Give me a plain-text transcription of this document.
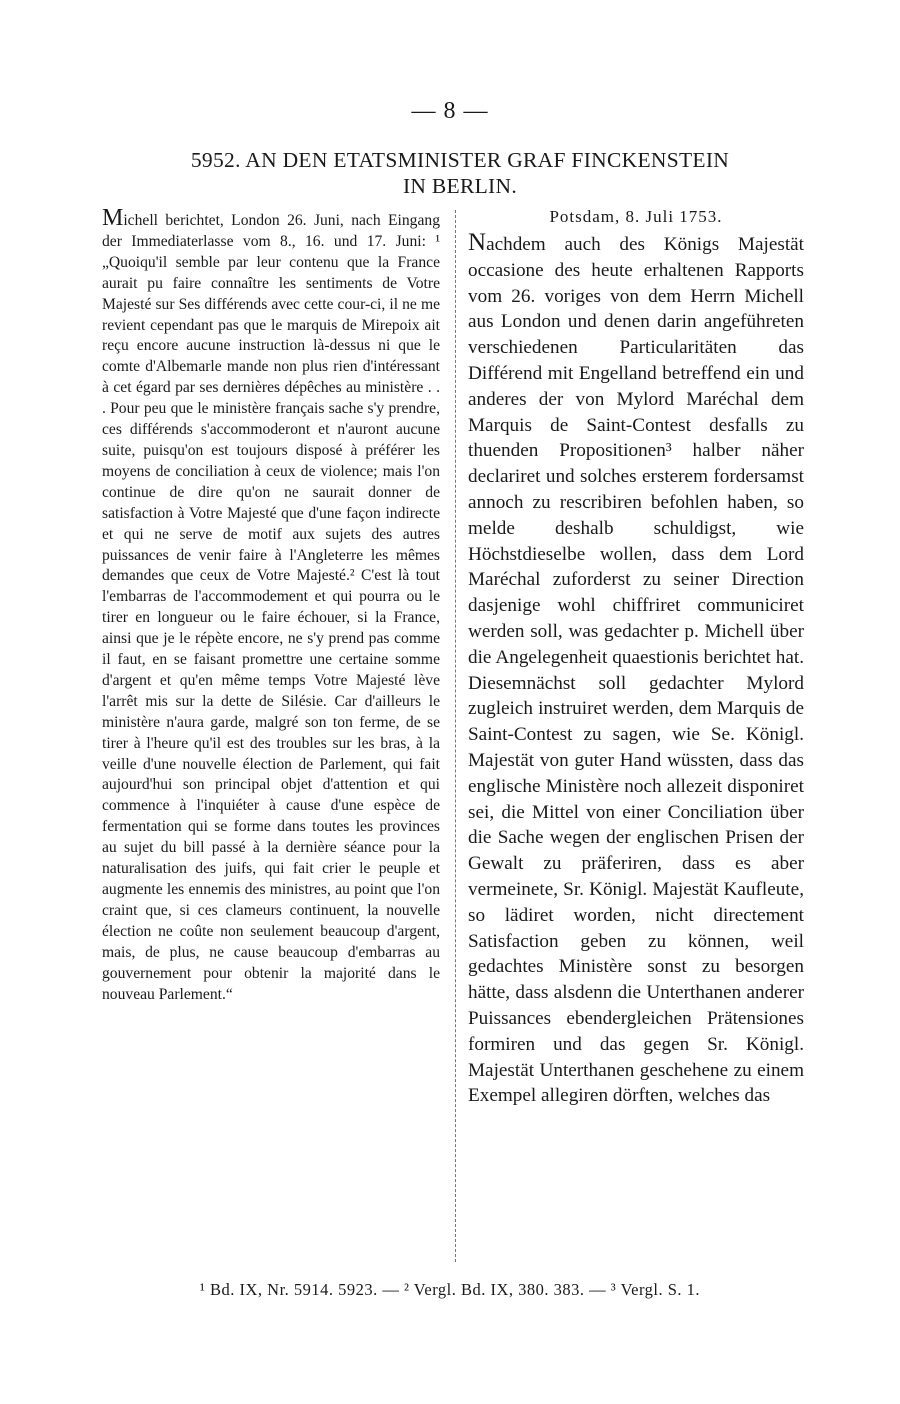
— 8 —
5952. AN DEN ETATSMINISTER GRAF FINCKENSTEIN
IN BERLIN.

Michell berichtet, London 26. Juni, nach Eingang der Immediaterlasse vom 8., 16. und 17. Juni: ¹ „Quoiqu'il semble par leur contenu que la France aurait pu faire connaître les sentiments de Votre Majesté sur Ses différends avec cette cour-ci, il ne me revient cependant pas que le marquis de Mirepoix ait reçu encore aucune instruction là-dessus ni que le comte d'Albemarle mande non plus rien d'intéressant à cet égard par ses dernières dépêches au ministère . . . Pour peu que le ministère français sache s'y prendre, ces différends s'accommoderont et n'auront aucune suite, puisqu'on est toujours disposé à préférer les moyens de conciliation à ceux de violence; mais l'on continue de dire qu'on ne saurait donner de satisfaction à Votre Majesté que d'une façon indirecte et qui ne serve de motif aux sujets des autres puissances de venir faire à l'Angleterre les mêmes demandes que ceux de Votre Majesté.² C'est là tout l'embarras de l'accommodement et qui pourra ou le tirer en longueur ou le faire échouer, si la France, ainsi que je le répète encore, ne s'y prend pas comme il faut, en se faisant promettre une certaine somme d'argent et qu'en même temps Votre Majesté lève l'arrêt mis sur la dette de Silésie. Car d'ailleurs le ministère n'aura garde, malgré son ton ferme, de se tirer à l'heure qu'il est des troubles sur les bras, à la veille d'une nouvelle élection de Parlement, qui fait aujourd'hui son principal objet d'attention et qui commence à l'inquiéter à cause d'une espèce de fermentation qui se forme dans toutes les provinces au sujet du bill passé à la dernière séance pour la naturalisation des juifs, qui fait crier le peuple et augmente les ennemis des ministres, au point que l'on craint que, si ces clameurs continuent, la nouvelle élection ne coûte non seulement beaucoup d'argent, mais, de plus, ne cause beaucoup d'embarras au gouvernement pour obtenir la majorité dans le nouveau Parlement.“

Potsdam, 8. Juli 1753.

Nachdem auch des Königs Majestät occasione des heute erhaltenen Rapports vom 26. voriges von dem Herrn Michell aus London und denen darin angeführeten verschiedenen Particularitäten das Différend mit Engelland betreffend ein und anderes der von Mylord Maréchal dem Marquis de Saint-Contest desfalls zu thuenden Propositionen³ halber näher declariret und solches ersterem fordersamst annoch zu rescribiren befohlen haben, so melde deshalb schuldigst, wie Höchstdieselbe wollen, dass dem Lord Maréchal zuforderst zu seiner Direction dasjenige wohl chiffriret communiciret werden soll, was gedachter p. Michell über die Angelegenheit quaestionis berichtet hat. Diesemnächst soll gedachter Mylord zugleich instruiret werden, dem Marquis de Saint-Contest zu sagen, wie Se. Königl. Majestät von guter Hand wüssten, dass das englische Ministère noch allezeit disponiret sei, die Mittel von einer Conciliation über die Sache wegen der englischen Prisen der Gewalt zu präferiren, dass es aber vermeinete, Sr. Königl. Majestät Kaufleute, so lädiret worden, nicht directement Satisfaction geben zu können, weil gedachtes Ministère sonst zu besorgen hätte, dass alsdenn die Unterthanen anderer Puissances ebendergleichen Prätensiones formiren und das gegen Sr. Königl. Majestät Unterthanen geschehene zu einem Exempel allegiren dörften, welches das

¹ Bd. IX, Nr. 5914. 5923. — ² Vergl. Bd. IX, 380. 383. — ³ Vergl. S. 1.
